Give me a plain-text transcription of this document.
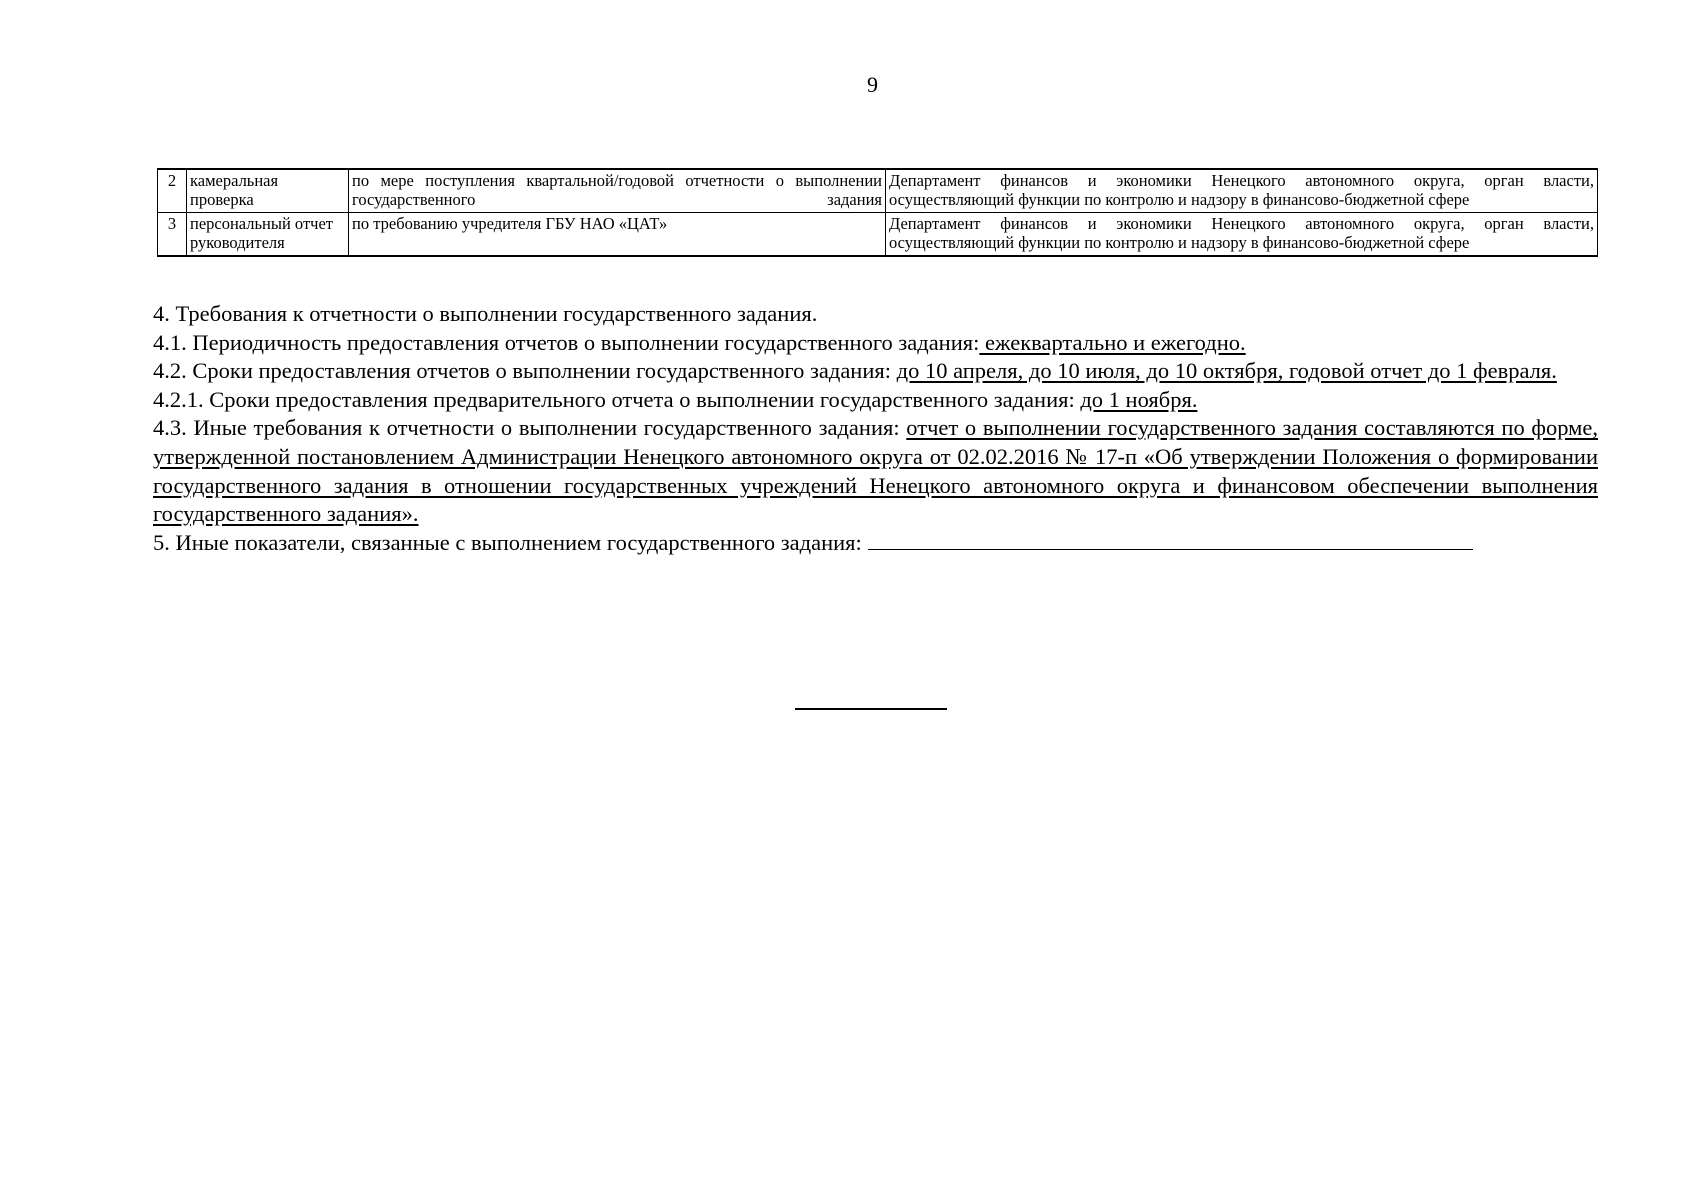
9
2	камеральная проверка	по мере поступления квартальной/годовой отчетности о выполнении государственного задания	Департамент финансов и экономики Ненецкого автономного округа, орган власти, осуществляющий функции по контролю и надзору в финансово-бюджетной сфере
3	персональный отчет руководителя	по требованию учредителя ГБУ НАО «ЦАТ»	Департамент финансов и экономики Ненецкого автономного округа, орган власти, осуществляющий функции по контролю и надзору в финансово-бюджетной сфере

4. Требования к отчетности о выполнении государственного задания.

4.1. Периодичность предоставления отчетов о выполнении государственного задания: ежеквартально и ежегодно.

4.2. Сроки предоставления отчетов о выполнении государственного задания: до 10 апреля, до 10 июля, до 10 октября, годовой отчет до 1 февраля.

4.2.1. Сроки предоставления предварительного отчета о выполнении государственного задания: до 1 ноября.

4.3. Иные требования к отчетности о выполнении государственного задания: отчет о выполнении государственного задания составляются по форме, утвержденной постановлением Администрации Ненецкого автономного округа от 02.02.2016 № 17-п «Об утверждении Положения о формировании государственного задания в отношении государственных учреждений Ненецкого автономного округа и финансовом обеспечении выполнения государственного задания».

5. Иные показатели, связанные с выполнением государственного задания:
